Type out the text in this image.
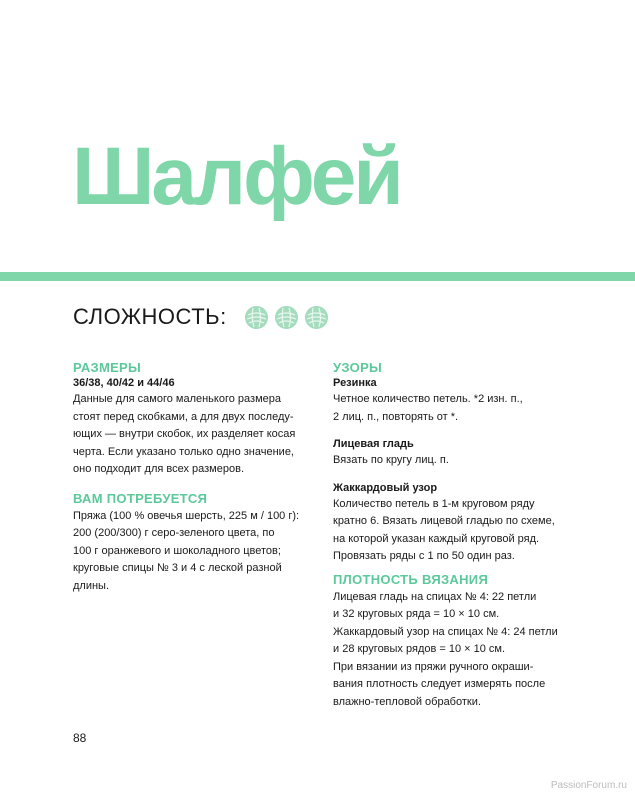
Шалфей
СЛОЖНОСТЬ:
РАЗМЕРЫ
36/38, 40/42 и 44/46

Данные для самого маленького размера

стоят перед скобками, а для двух последу-

ющих — внутри скобок, их разделяет косая

черта. Если указано только одно значение,

оно подходит для всех размеров.

ВАМ ПОТРЕБУЕТСЯ

Пряжа (100 % овечья шерсть, 225 м / 100 г):

200 (200/300) г серо-зеленого цвета, по

100 г оранжевого и шоколадного цветов;

круговые спицы № 3 и 4 с леской разной

длины.

УЗОРЫ
Резинка

Четное количество петель. *2 изн. п.,

2 лиц. п., повторять от *.

Лицевая гладь

Вязать по кругу лиц. п.

Жаккардовый узор

Количество петель в 1-м круговом ряду

кратно 6. Вязать лицевой гладью по схеме,

на которой указан каждый круговой ряд.

Провязать ряды с 1 по 50 один раз.

ПЛОТНОСТЬ ВЯЗАНИЯ

Лицевая гладь на спицах № 4: 22 петли

и 32 круговых ряда = 10 × 10 см.

Жаккардовый узор на спицах № 4: 24 петли

и 28 круговых рядов = 10 × 10 см.

При вязании из пряжи ручного окраши-

вания плотность следует измерять после

влажно-тепловой обработки.

88
PassionForum.ru
